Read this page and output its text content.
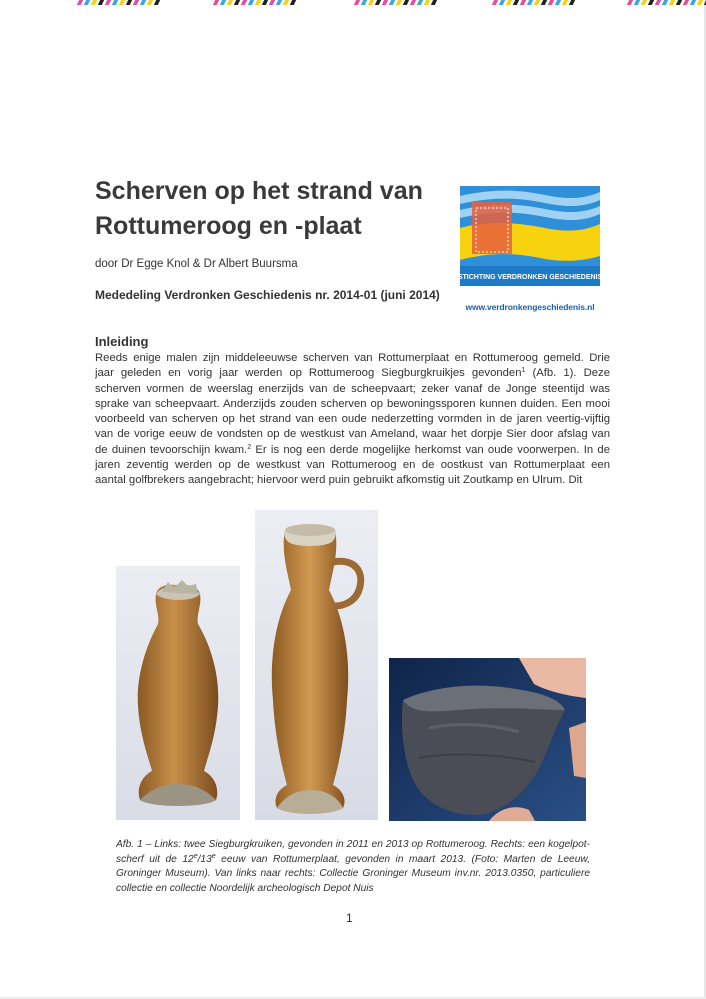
Scherven op het strand van
Rottumeroog en -plaat
door Dr Egge Knol & Dr Albert Buursma
Mededeling Verdronken Geschiedenis nr. 2014-01 (juni 2014)
STICHTING VERDRONKEN GESCHIEDENIS
www.verdronkengeschiedenis.nl
Inleiding
Reeds enige malen zijn middeleeuwse scherven van Rottumerplaat en Rottumeroog gemeld. Drie
jaar geleden en vorig jaar werden op Rottumeroog Siegburgkruikjes gevonden$^1$ (Afb. 1). Deze
scherven vormen de weerslag enerzijds van de scheepvaart; zeker vanaf de Jonge steentijd was
sprake van scheepvaart. Anderzijds zouden scherven op bewoningssporen kunnen duiden. Een mooi
voorbeeld van scherven op het strand van een oude nederzetting vormden in de jaren veertig-vijftig
van de vorige eeuw de vondsten op de westkust van Ameland, waar het dorpje Sier door afslag van
de duinen tevoorschijn kwam.$^2$ Er is nog een derde mogelijke herkomst van oude voorwerpen. In de
jaren zeventig werden op de westkust van Rottumeroog en de oostkust van Rottumerplaat een
aantal golfbrekers aangebracht; hiervoor werd puin gebruikt afkomstig uit Zoutkamp en Ulrum. Dit
Afb. 1 – Links: twee Siegburgkruiken, gevonden in 2011 en 2013 op Rottumeroog. Rechts: een kogelpot-
scherf uit de 12e/13e eeuw van Rottumerplaat, gevonden in maart 2013. (Foto: Marten de Leeuw,
Groninger Museum). Van links naar rechts: Collectie Groninger Museum inv.nr. 2013.0350, particuliere
collectie en collectie Noordelijk archeologisch Depot Nuis
1
